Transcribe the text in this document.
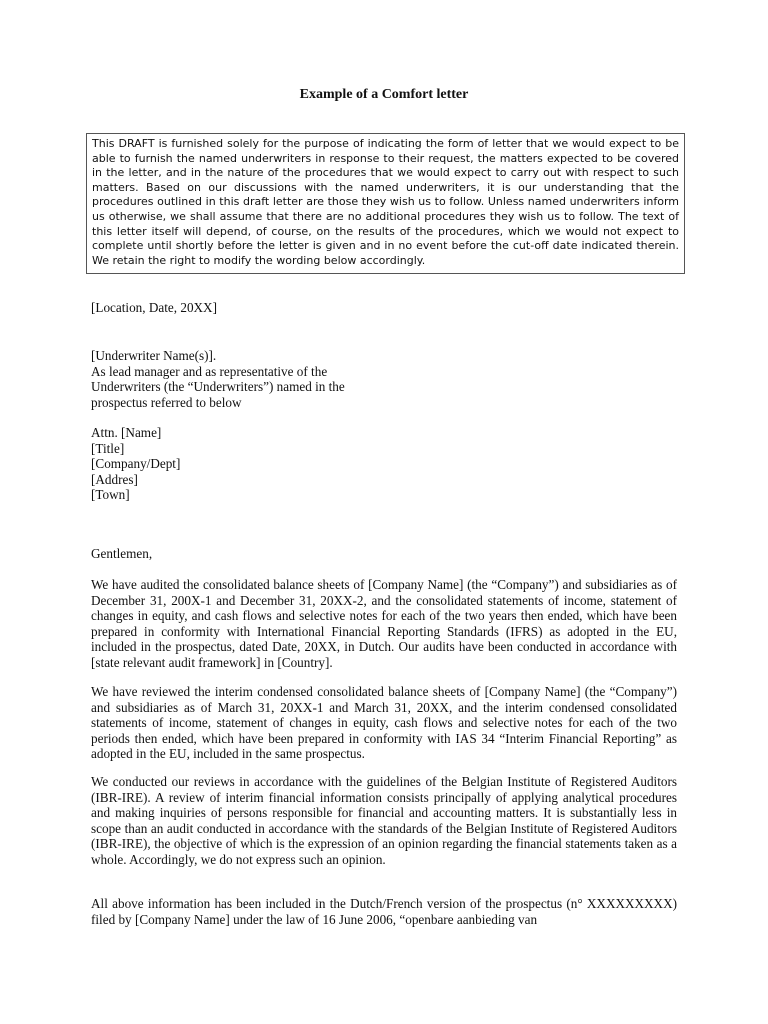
Example of a Comfort letter
This DRAFT is furnished solely for the purpose of indicating the form of letter that we would expect to be able to furnish the named underwriters in response to their request, the matters expected to be covered in the letter, and in the nature of the procedures that we would expect to carry out with respect to such matters. Based on our discussions with the named underwriters, it is our understanding that the procedures outlined in this draft letter are those they wish us to follow. Unless named underwriters inform us otherwise, we shall assume that there are no additional procedures they wish us to follow. The text of this letter itself will depend, of course, on the results of the procedures, which we would not expect to complete until shortly before the letter is given and in no event before the cut-off date indicated therein. We retain the right to modify the wording below accordingly.
[Location, Date, 20XX]
[Underwriter Name(s)].
As lead manager and as representative of the
Underwriters (the “Underwriters”) named in the
prospectus referred to below
Attn. [Name]
[Title]
[Company/Dept]
[Addres]
[Town]
Gentlemen,
We have audited the consolidated balance sheets of [Company Name] (the “Company”) and subsidiaries as of December 31, 200X-1 and December 31, 20XX-2, and the consolidated statements of income, statement of changes in equity, and cash flows and selective notes for each of the two years then ended, which have been prepared in conformity with International Financial Reporting Standards (IFRS) as adopted in the EU, included in the prospectus, dated Date, 20XX, in Dutch. Our audits have been conducted in accordance with [state relevant audit framework] in [Country].
We have reviewed the interim condensed consolidated balance sheets of [Company Name] (the “Company”) and subsidiaries as of March 31, 20XX-1 and March 31, 20XX, and the interim condensed consolidated statements of income, statement of changes in equity, cash flows and selective notes for each of the two periods then ended, which have been prepared in conformity with IAS 34 “Interim Financial Reporting” as adopted in the EU, included in the same prospectus.
We conducted our reviews in accordance with the guidelines of the Belgian Institute of Registered Auditors (IBR-IRE). A review of interim financial information consists principally of applying analytical procedures and making inquiries of persons responsible for financial and accounting matters. It is substantially less in scope than an audit conducted in accordance with the standards of the Belgian Institute of Registered Auditors (IBR-IRE), the objective of which is the expression of an opinion regarding the financial statements taken as a whole. Accordingly, we do not express such an opinion.
All above information has been included in the Dutch/French version of the prospectus (n° XXXXXXXXX) filed by [Company Name] under the law of 16 June 2006, “openbare aanbieding van
